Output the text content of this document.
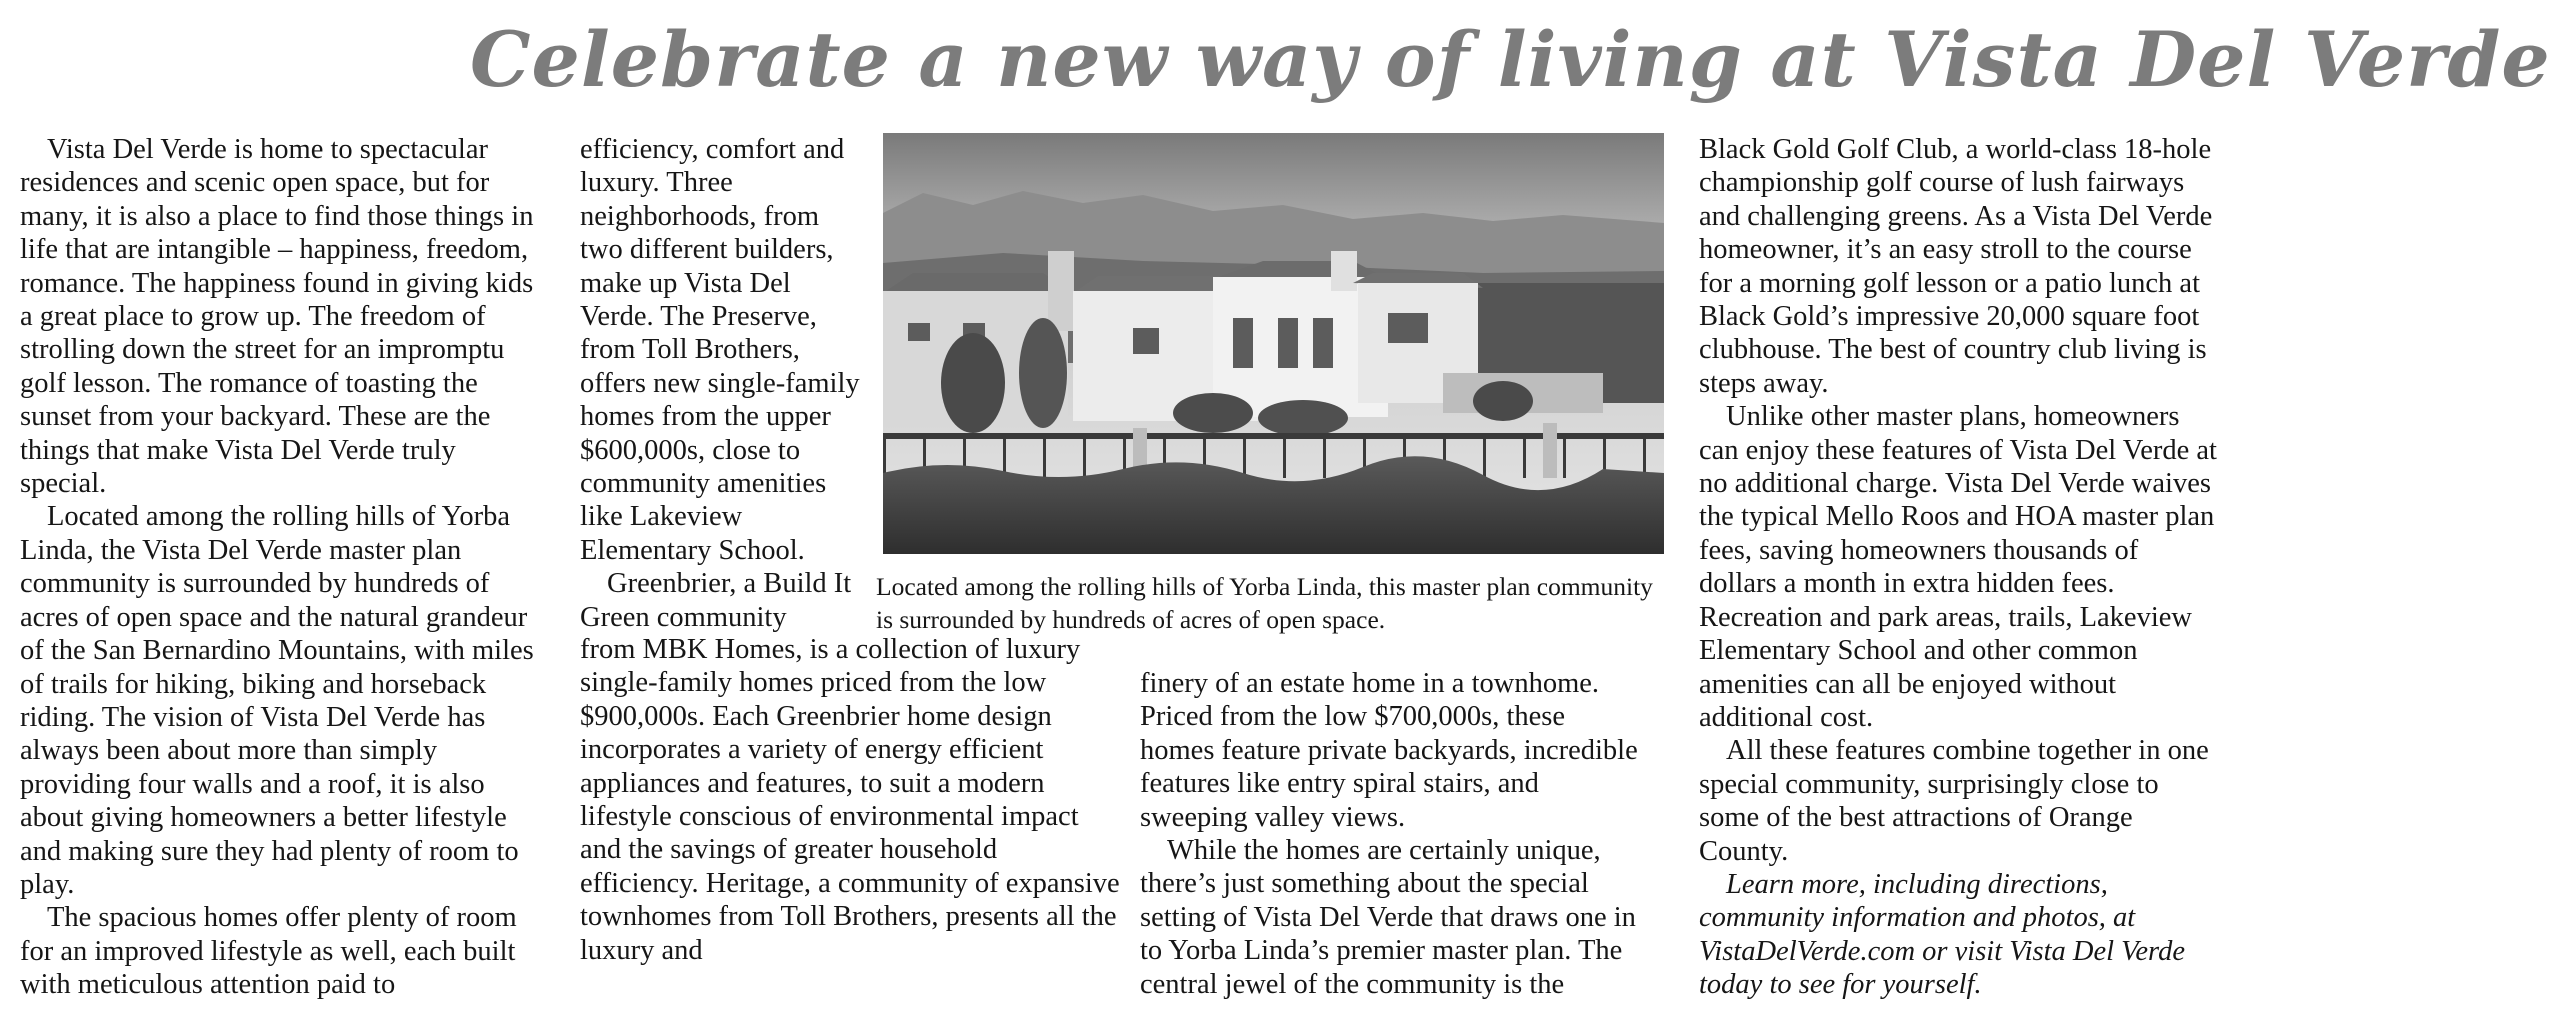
Celebrate a new way of living at Vista Del Verde

Vista Del Verde is home to spectacular residences and scenic open space, but for many, it is also a place to find those things in life that are intangible – happiness, freedom, romance. The happiness found in giving kids a great place to grow up. The freedom of strolling down the street for an impromptu golf lesson. The romance of toasting the sunset from your backyard. These are the things that make Vista Del Verde truly special.

Located among the rolling hills of Yorba Linda, the Vista Del Verde master plan community is surrounded by hundreds of acres of open space and the natural grandeur of the San Bernardino Mountains, with miles of trails for hiking, biking and horseback riding. The vision of Vista Del Verde has always been about more than simply providing four walls and a roof, it is also about giving homeowners a better lifestyle and making sure they had plenty of room to play.

The spacious homes offer plenty of room for an improved lifestyle as well, each built with meticulous attention paid to

efficiency, comfort and luxury. Three neighborhoods, from two different builders, make up Vista Del Verde. The Preserve, from Toll Brothers, offers new single-family homes from the upper $600,000s, close to community amenities like Lakeview Elementary School.

Greenbrier, a Build It Green community

from MBK Homes, is a collection of luxury single-family homes priced from the low $900,000s. Each Greenbrier home design incorporates a variety of energy efficient appliances and features, to suit a modern lifestyle conscious of environmental impact and the savings of greater household efficiency. Heritage, a community of expansive townhomes from Toll Brothers, presents all the luxury and

Located among the rolling hills of Yorba Linda, this master plan community is surrounded by hundreds of acres of open space.

finery of an estate home in a townhome. Priced from the low $700,000s, these homes feature private backyards, incredible features like entry spiral stairs, and sweeping valley views.

While the homes are certainly unique, there’s just something about the special setting of Vista Del Verde that draws one in to Yorba Linda’s premier master plan. The central jewel of the community is the

Black Gold Golf Club, a world-class 18-hole championship golf course of lush fairways and challenging greens. As a Vista Del Verde homeowner, it’s an easy stroll to the course for a morning golf lesson or a patio lunch at Black Gold’s impressive 20,000 square foot clubhouse. The best of country club living is steps away.

Unlike other master plans, homeowners can enjoy these features of Vista Del Verde at no additional charge. Vista Del Verde waives the typical Mello Roos and HOA master plan fees, saving homeowners thousands of dollars a month in extra hidden fees. Recreation and park areas, trails, Lakeview Elementary School and other common amenities can all be enjoyed without additional cost.

All these features combine together in one special community, surprisingly close to some of the best attractions of Orange County.

Learn more, including directions, community information and photos, at VistaDelVerde.com or visit Vista Del Verde today to see for yourself.
